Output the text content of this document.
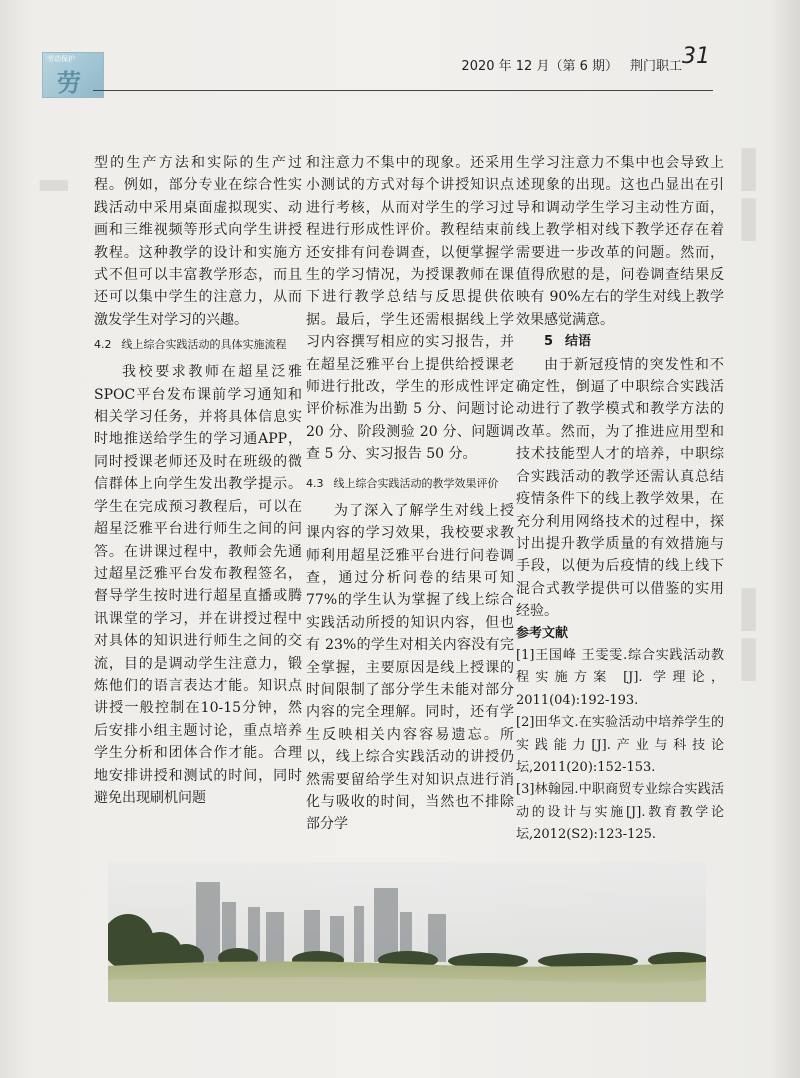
▂	▌
▌
▌
▌
劳动保护
劳
2020 年 12 月（第 6 期） 荆门职工 31

型的生产方法和实际的生产过程。例如，部分专业在综合性实践活动中采用桌面虚拟现实、动画和三维视频等形式向学生讲授教程。这种教学的设计和实施方式不但可以丰富教学形态，而且还可以集中学生的注意力，从而激发学生对学习的兴趣。

4.2 线上综合实践活动的具体实施流程

我校要求教师在超星泛雅SPOC平台发布课前学习通知和相关学习任务，并将具体信息实时地推送给学生的学习通APP，同时授课老师还及时在班级的微信群体上向学生发出教学提示。学生在完成预习教程后，可以在超星泛雅平台进行师生之间的问答。在讲课过程中，教师会先通过超星泛雅平台发布教程签名，督导学生按时进行超星直播或腾讯课堂的学习，并在讲授过程中对具体的知识进行师生之间的交流，目的是调动学生注意力，锻炼他们的语言表达才能。知识点讲授一般控制在10-15分钟，然后安排小组主题讨论，重点培养学生分析和团体合作才能。合理地安排讲授和测试的时间，同时避免出现刷机问题

和注意力不集中的现象。还采用小测试的方式对每个讲授知识点进行考核，从而对学生的学习过程进行形成性评价。教程结束前还安排有问卷调查，以便掌握学生的学习情况，为授课教师在课下进行教学总结与反思提供依据。最后，学生还需根据线上学习内容撰写相应的实习报告，并在超星泛雅平台上提供给授课老师进行批改，学生的形成性评定评价标准为出勤 5 分、问题讨论 20 分、阶段测验 20 分、问题调查 5 分、实习报告 50 分。

4.3 线上综合实践活动的教学效果评价

为了深入了解学生对线上授课内容的学习效果，我校要求教师利用超星泛雅平台进行问卷调查，通过分析问卷的结果可知 77%的学生认为掌握了线上综合实践活动所授的知识内容，但也有 23%的学生对相关内容没有完全掌握，主要原因是线上授课的时间限制了部分学生未能对部分内容的完全理解。同时，还有学生反映相关内容容易遗忘。所以，线上综合实践活动的讲授仍然需要留给学生对知识点进行消化与吸收的时间，当然也不排除部分学

生学习注意力不集中也会导致上述现象的出现。这也凸显出在引导和调动学生学习主动性方面，线上教学相对线下教学还存在着需要进一步改革的问题。然而，值得欣慰的是，问卷调查结果反映有 90%左右的学生对线上教学效果感觉满意。

5 结语

由于新冠疫情的突发性和不确定性，倒逼了中职综合实践活动进行了教学模式和教学方法的改革。然而，为了推进应用型和技术技能型人才的培养，中职综合实践活动的教学还需认真总结疫情条件下的线上教学效果，在充分利用网络技术的过程中，探讨出提升教学质量的有效措施与手段，以便为后疫情的线上线下混合式教学提供可以借鉴的实用经验。

参考文献

[1]王国峰 王雯雯.综合实践活动教程实施方案 [J]. 学理论，2011(04):192-193.

[2]田华文.在实验活动中培养学生的实践能力[J].产业与科技论坛,2011(20):152-153.

[3]林翰园.中职商贸专业综合实践活动的设计与实施[J].教育教学论坛,2012(S2):123-125.
